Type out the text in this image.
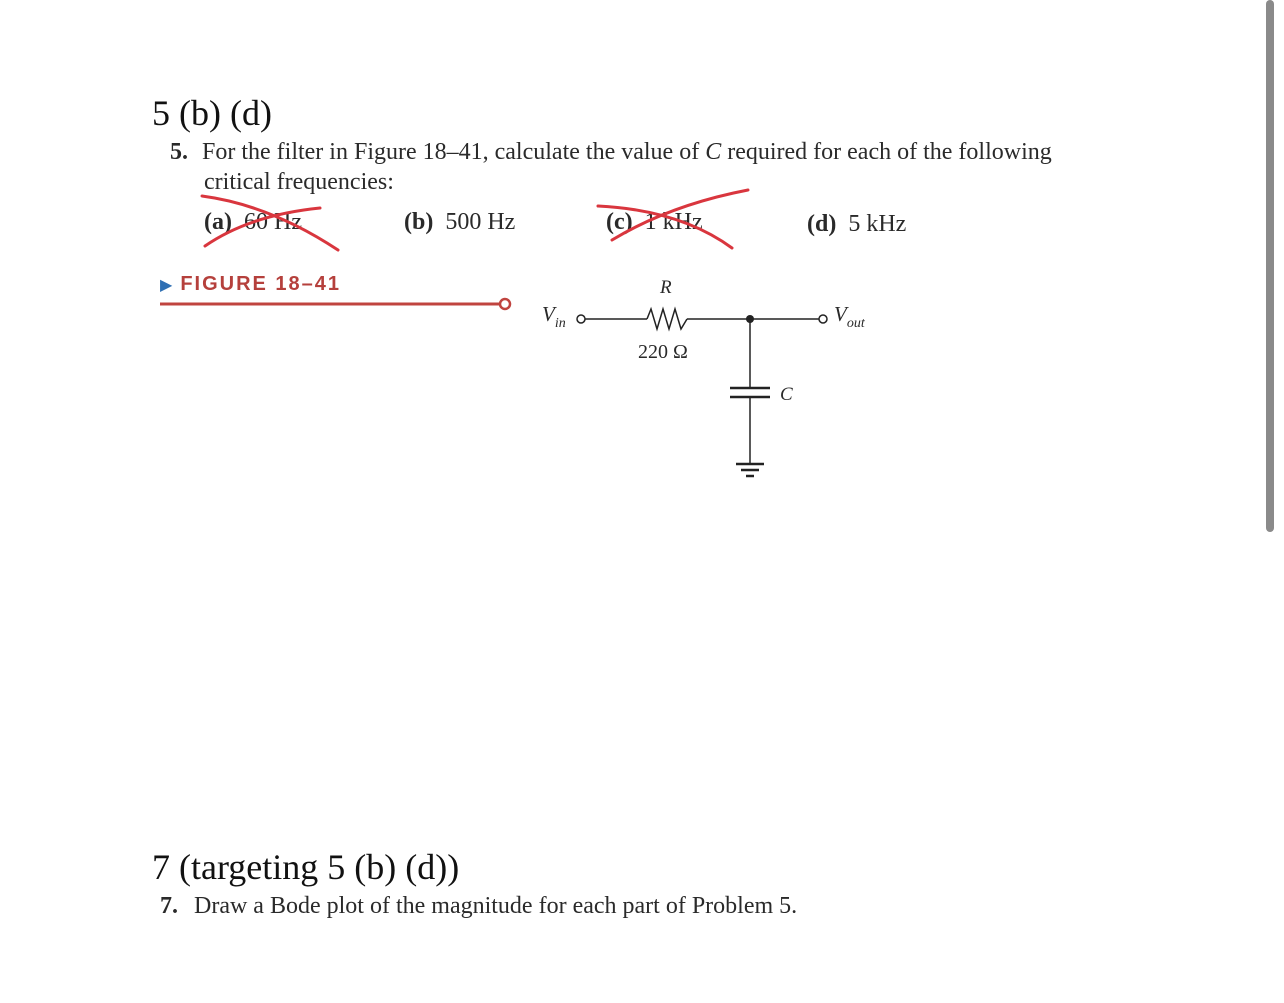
5 (b) (d)
5. For the filter in Figure 18–41, calculate the value of C required for each of the following
critical frequencies:
(a) 60 Hz	(b) 500 Hz	(c) 1 kHz	(d) 5 kHz
▶ FIGURE 18–41
$V_{in}$	$V_{out}$
R
220 Ω
C
7 (targeting 5 (b) (d))
7. Draw a Bode plot of the magnitude for each part of Problem 5.
